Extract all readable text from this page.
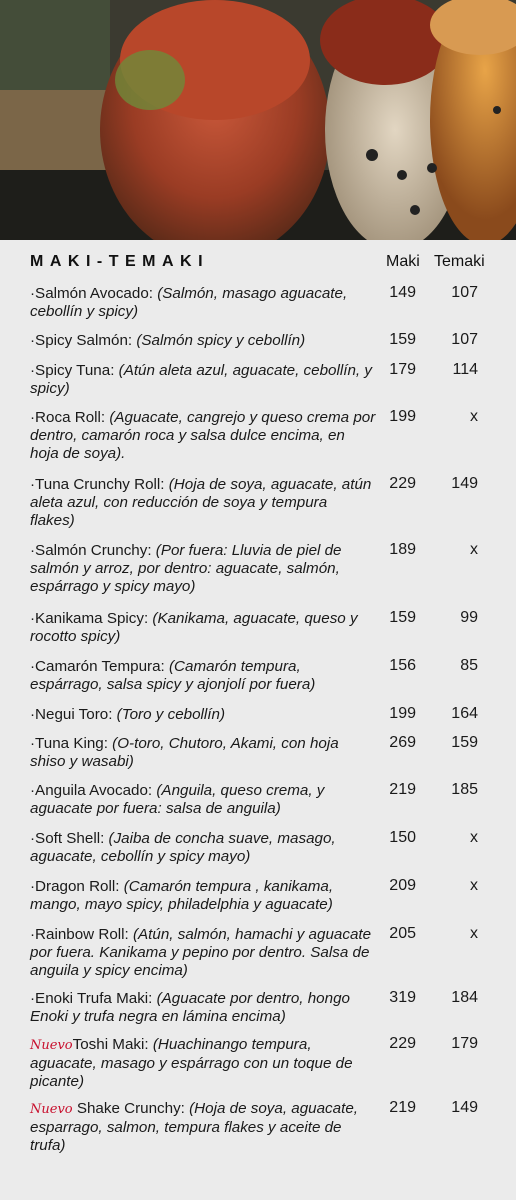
MAKI-TEMAKI	Maki Temaki
·Salmón Avocado: (Salmón, masago aguacate, cebollín y spicy)
149	107
·Spicy Salmón: (Salmón spicy y cebollín)	159	107
·Spicy Tuna: (Atún aleta azul, aguacate, cebollín, y spicy)
179	114
·Roca Roll: (Aguacate, cangrejo y queso crema por dentro, camarón roca y salsa dulce encima, en hoja de soya).
199	x
·Tuna Crunchy Roll: (Hoja de soya, aguacate, atún aleta azul, con reducción de soya y tempura flakes)
229	149
·Salmón Crunchy: (Por fuera: Lluvia de piel de salmón y arroz, por dentro: aguacate, salmón, espárrago y spicy mayo)
189	x
·Kanikama Spicy: (Kanikama, aguacate, queso y rocotto spicy)
159	99
·Camarón Tempura: (Camarón tempura, espárrago, salsa spicy y ajonjolí por fuera)
156	85
·Negui Toro: (Toro y cebollín)	199	164
·Tuna King: (O-toro, Chutoro, Akami, con hoja shiso y wasabi)
269	159
·Anguila Avocado: (Anguila, queso crema, y aguacate por fuera: salsa de anguila)
219	185
·Soft Shell: (Jaiba de concha suave, masago, aguacate, cebollín y spicy mayo)
150	x
·Dragon Roll: (Camarón tempura , kanikama, mango, mayo spicy, philadelphia y aguacate)
209	x
·Rainbow Roll: (Atún, salmón, hamachi y aguacate por fuera. Kanikama y pepino por dentro. Salsa de anguila y spicy encima)
205	x
·Enoki Trufa Maki: (Aguacate por dentro, hongo Enoki y trufa negra en lámina encima)
319	184
NuevoToshi Maki: (Huachinango tempura, aguacate, masago y espárrago con un toque de picante)
229	179
Nuevo Shake Crunchy: (Hoja de soya, aguacate, esparrago, salmon, tempura flakes y aceite de trufa)
219	149
